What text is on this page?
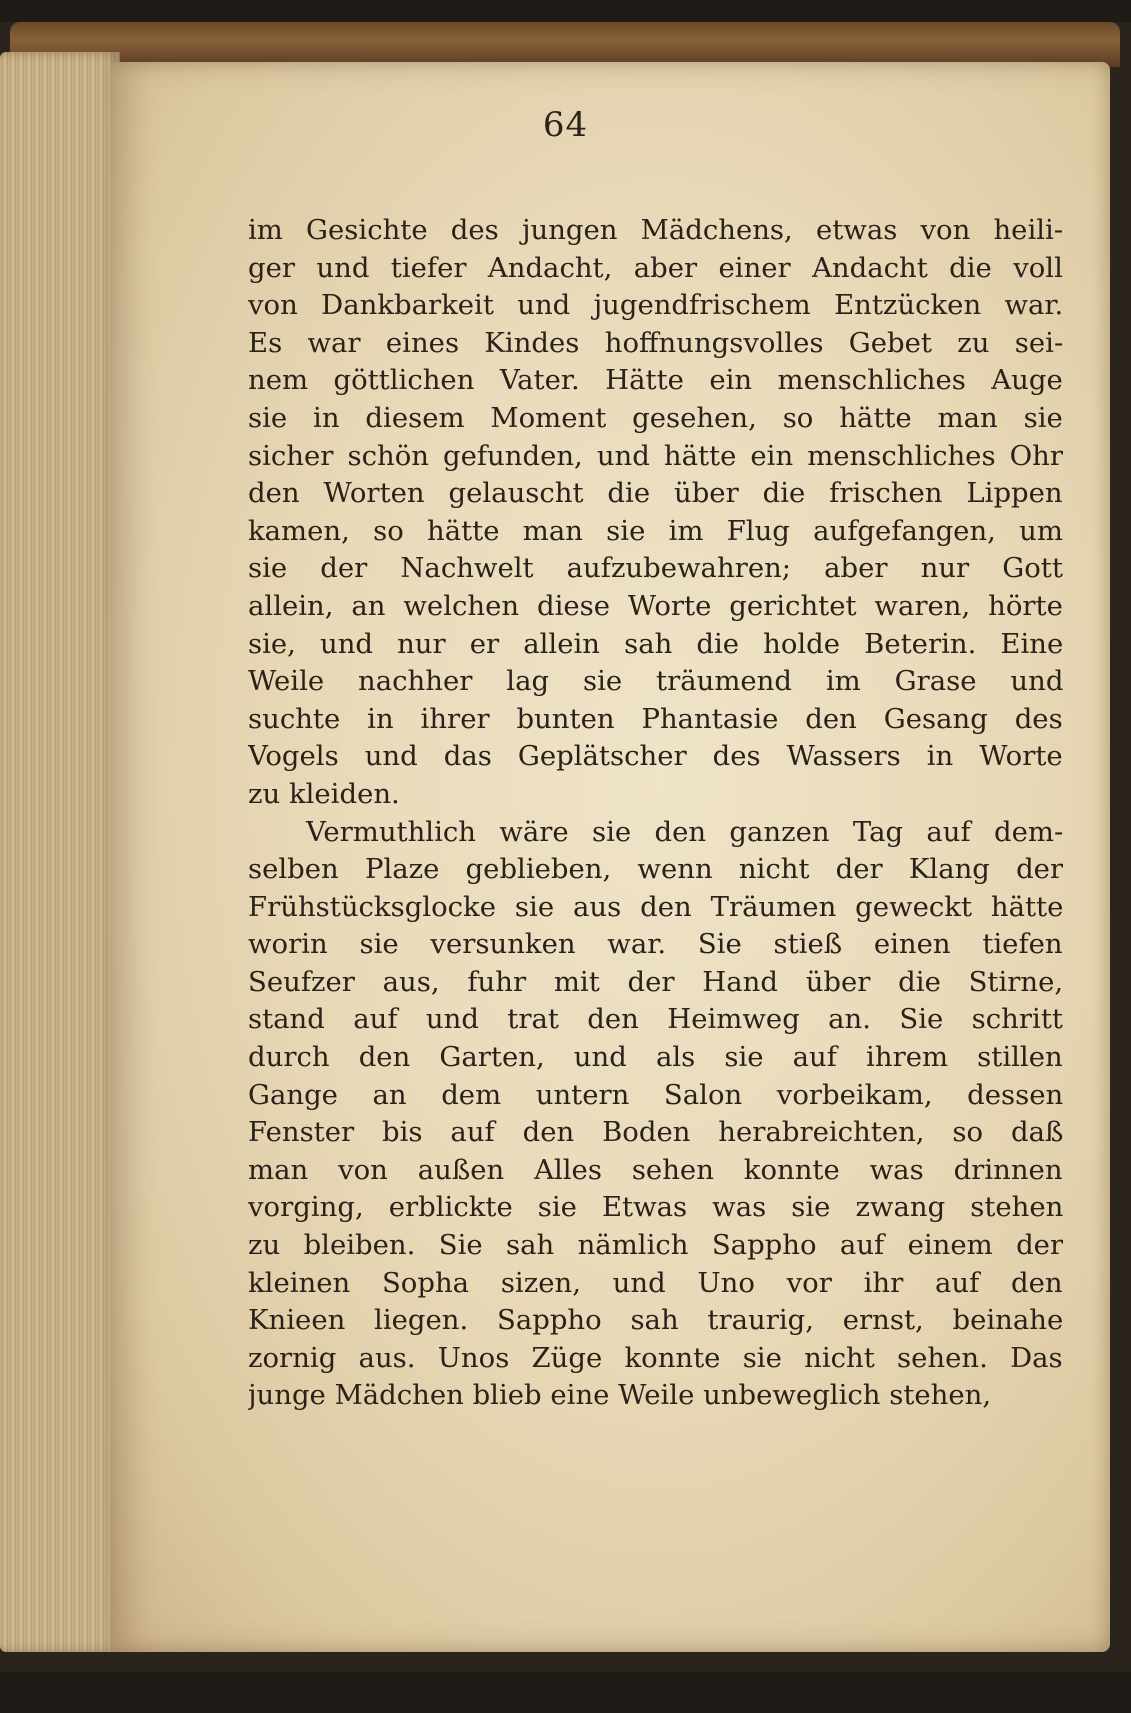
64
im Gesichte des jungen Mädchens, etwas von heili-
ger und tiefer Andacht, aber einer Andacht die voll
von Dankbarkeit und jugendfrischem Entzücken war.
Es war eines Kindes hoffnungsvolles Gebet zu sei-
nem göttlichen Vater. Hätte ein menschliches Auge
sie in diesem Moment gesehen, so hätte man sie
sicher schön gefunden, und hätte ein menschliches Ohr
den Worten gelauscht die über die frischen Lippen
kamen, so hätte man sie im Flug aufgefangen, um
sie der Nachwelt aufzubewahren; aber nur Gott
allein, an welchen diese Worte gerichtet waren, hörte
sie, und nur er allein sah die holde Beterin. Eine
Weile nachher lag sie träumend im Grase und
suchte in ihrer bunten Phantasie den Gesang des
Vogels und das Geplätscher des Wassers in Worte
zu kleiden.
Vermuthlich wäre sie den ganzen Tag auf dem-
selben Plaze geblieben, wenn nicht der Klang der
Frühstücksglocke sie aus den Träumen geweckt hätte
worin sie versunken war. Sie stieß einen tiefen
Seufzer aus, fuhr mit der Hand über die Stirne,
stand auf und trat den Heimweg an. Sie schritt
durch den Garten, und als sie auf ihrem stillen
Gange an dem untern Salon vorbeikam, dessen
Fenster bis auf den Boden herabreichten, so daß
man von außen Alles sehen konnte was drinnen
vorging, erblickte sie Etwas was sie zwang stehen
zu bleiben. Sie sah nämlich Sappho auf einem der
kleinen Sopha sizen, und Uno vor ihr auf den
Knieen liegen. Sappho sah traurig, ernst, beinahe
zornig aus. Unos Züge konnte sie nicht sehen. Das
junge Mädchen blieb eine Weile unbeweglich stehen,
